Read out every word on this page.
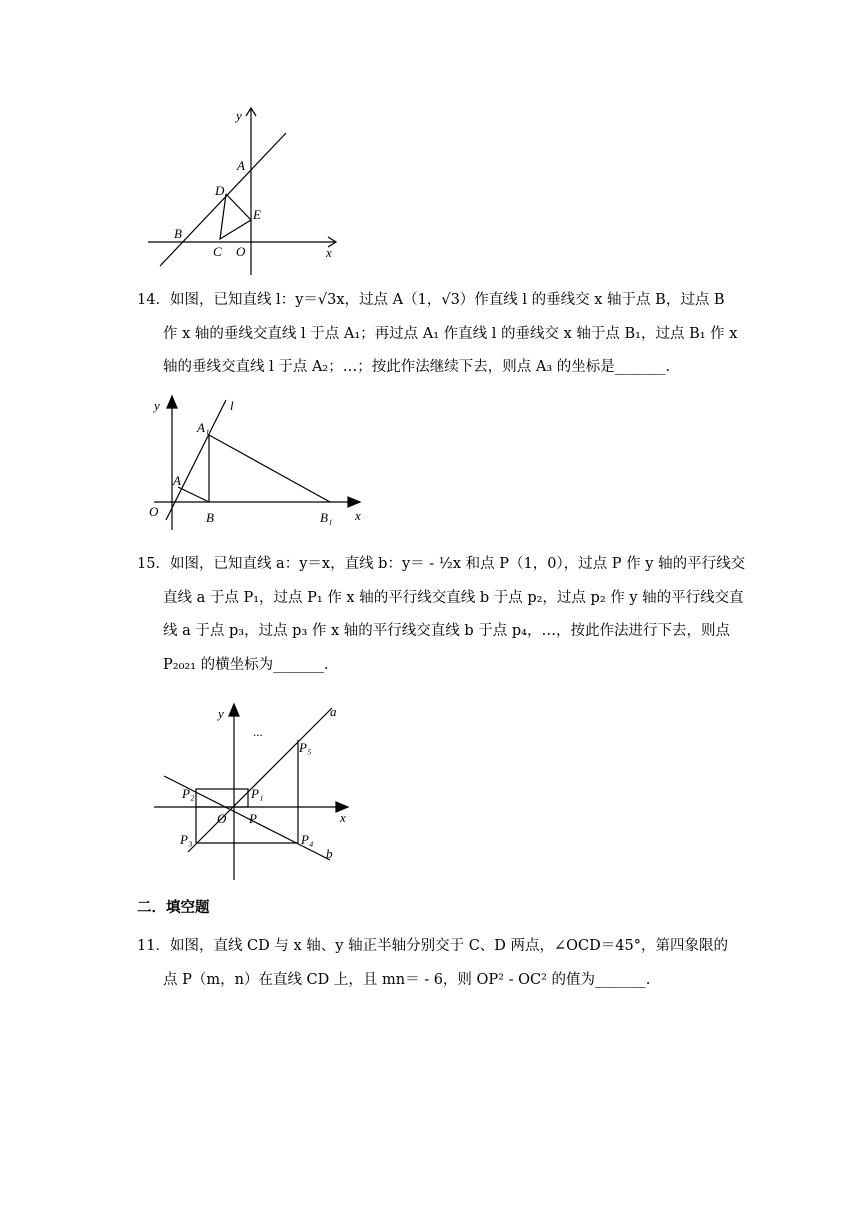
y
x
A
B
C
D
E
O
14．如图，已知直线 l：y＝√3x，过点 A（1，√3）作直线 l 的垂线交 x 轴于点 B，过点 B
作 x 轴的垂线交直线 l 于点 A₁；再过点 A₁ 作直线 l 的垂线交 x 轴于点 B₁，过点 B₁ 作 x
轴的垂线交直线 l 于点 A₂；…；按此作法继续下去，则点 A₃ 的坐标是_______.
y	l
A₁
A
O	B	B₁ x
15．如图，已知直线 a：y＝x，直线 b：y＝ - ½x 和点 P（1，0），过点 P 作 y 轴的平行线交
直线 a 于点 P₁，过点 P₁ 作 x 轴的平行线交直线 b 于点 p₂，过点 p₂ 作 y 轴的平行线交直
线 a 于点 p₃，过点 p₃ 作 x 轴的平行线交直线 b 于点 p₄，…，按此作法进行下去，则点
P₂₀₂₁ 的横坐标为_______.
y	a
...
P₅
P₂	P₁
O P	x
P₃	P₄
b
二．填空题
11．如图，直线 CD 与 x 轴、y 轴正半轴分别交于 C、D 两点，∠OCD＝45°，第四象限的
点 P（m，n）在直线 CD 上，且 mn＝ - 6，则 OP² - OC² 的值为_______.
